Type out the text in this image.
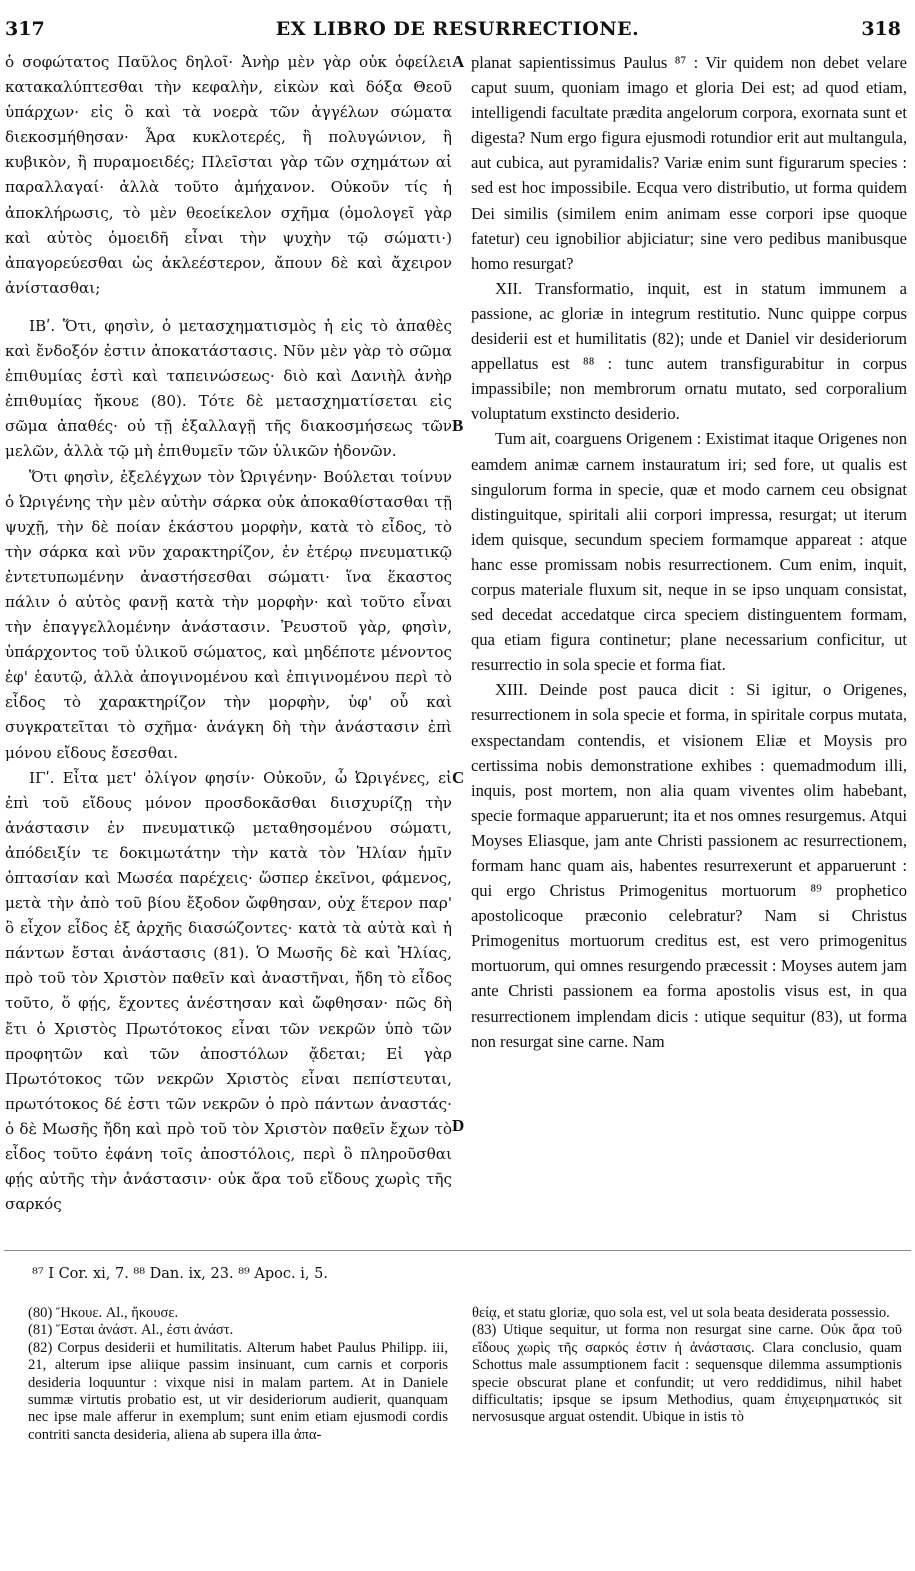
317	EX LIBRO DE RESURRECTIONE.	318

ὁ σοφώτατος Παῦλος δηλοῖ· Ἀνὴρ μὲν γὰρ οὐκ ὀφείλει κατακαλύπτεσθαι τὴν κεφαλὴν, εἰκὼν καὶ δόξα Θεοῦ ὑπάρχων· εἰς ὃ καὶ τὰ νοερὰ τῶν ἀγγέλων σώματα διεκοσμήθησαν· Ἆρα κυκλοτερές, ἢ πολυγώνιον, ἢ κυβικὸν, ἢ πυραμοειδές; Πλεῖσται γὰρ τῶν σχημάτων αἱ παραλλαγαί· ἀλλὰ τοῦτο ἀμήχανον. Οὐκοῦν τίς ἡ ἀποκλήρωσις, τὸ μὲν θεοείκελον σχῆμα (ὁμολογεῖ γὰρ καὶ αὐτὸς ὁμοειδῆ εἶναι τὴν ψυχὴν τῷ σώματι·) ἀπαγορεύεσθαι ὡς ἀκλεέστερον, ἄπουν δὲ καὶ ἄχειρον ἀνίστασθαι;

ΙΒʹ. Ὅτι, φησὶν, ὁ μετασχηματισμὸς ἡ εἰς τὸ ἀπαθὲς καὶ ἔνδοξόν ἐστιν ἀποκατάστασις. Νῦν μὲν γὰρ τὸ σῶμα ἐπιθυμίας ἐστὶ καὶ ταπεινώσεως· διὸ καὶ Δανιὴλ ἀνὴρ ἐπιθυμίας ἤκουε (80). Τότε δὲ μετασχηματίσεται εἰς σῶμα ἀπαθές· οὐ τῇ ἐξαλλαγῇ τῆς διακοσμήσεως τῶν μελῶν, ἀλλὰ τῷ μὴ ἐπιθυμεῖν τῶν ὑλικῶν ἡδονῶν.

Ὅτι φησὶν, ἐξελέγχων τὸν Ὠριγένην· Βούλεται τοίνυν ὁ Ὠριγένης τὴν μὲν αὐτὴν σάρκα οὐκ ἀποκαθίστασθαι τῇ ψυχῇ, τὴν δὲ ποίαν ἑκάστου μορφὴν, κατὰ τὸ εἶδος, τὸ τὴν σάρκα καὶ νῦν χαρακτηρίζον, ἐν ἑτέρῳ πνευματικῷ ἐντετυπωμένην ἀναστήσεσθαι σώματι· ἵνα ἕκαστος πάλιν ὁ αὐτὸς φανῇ κατὰ τὴν μορφὴν· καὶ τοῦτο εἶναι τὴν ἐπαγγελλομένην ἀνάστασιν. Ῥευστοῦ γὰρ, φησὶν, ὑπάρχοντος τοῦ ὑλικοῦ σώματος, καὶ μηδέποτε μένοντος ἐφ' ἑαυτῷ, ἀλλὰ ἀπογινομένου καὶ ἐπιγινομένου περὶ τὸ εἶδος τὸ χαρακτηρίζον τὴν μορφὴν, ὑφ' οὗ καὶ συγκρατεῖται τὸ σχῆμα· ἀνάγκη δὴ τὴν ἀνάστασιν ἐπὶ μόνου εἴδους ἔσεσθαι.

ΙΓʹ. Εἶτα μετ' ὀλίγον φησίν· Οὐκοῦν, ὦ Ὠριγένες, εἰ ἐπὶ τοῦ εἴδους μόνον προσδοκᾶσθαι διισχυρίζῃ τὴν ἀνάστασιν ἐν πνευματικῷ μεταθησομένου σώματι, ἀπόδειξίν τε δοκιμωτάτην τὴν κατὰ τὸν Ἡλίαν ἡμῖν ὀπτασίαν καὶ Μωσέα παρέχεις· ὥσπερ ἐκεῖνοι, φάμενος, μετὰ τὴν ἀπὸ τοῦ βίου ἔξοδον ὤφθησαν, οὐχ ἕτερον παρ' ὃ εἶχον εἶδος ἐξ ἀρχῆς διασώζοντες· κατὰ τὰ αὐτὰ καὶ ἡ πάντων ἔσται ἀνάστασις (81). Ὁ Μωσῆς δὲ καὶ Ἡλίας, πρὸ τοῦ τὸν Χριστὸν παθεῖν καὶ ἀναστῆναι, ἤδη τὸ εἶδος τοῦτο, ὅ φῄς, ἔχοντες ἀνέστησαν καὶ ὤφθησαν· πῶς δὴ ἔτι ὁ Χριστὸς Πρωτότοκος εἶναι τῶν νεκρῶν ὑπὸ τῶν προφητῶν καὶ τῶν ἀποστόλων ᾄδεται; Εἰ γὰρ Πρωτότοκος τῶν νεκρῶν Χριστὸς εἶναι πεπίστευται, πρωτότοκος δέ ἐστι τῶν νεκρῶν ὁ πρὸ πάντων ἀναστάς· ὁ δὲ Μωσῆς ἤδη καὶ πρὸ τοῦ τὸν Χριστὸν παθεῖν ἔχων τὸ εἶδος τοῦτο ἐφάνη τοῖς ἀποστόλοις, περὶ ὃ πληροῦσθαι φῄς αὐτῆς τὴν ἀνάστασιν· οὐκ ἄρα τοῦ εἴδους χωρὶς τῆς σαρκός

A
B
C
D

planat sapientissimus Paulus ⁸⁷ : Vir quidem non debet velare caput suum, quoniam imago et gloria Dei est; ad quod etiam, intelligendi facultate prædita angelorum corpora, exornata sunt et digesta? Num ergo figura ejusmodi rotundior erit aut multangula, aut cubica, aut pyramidalis? Variæ enim sunt figurarum species : sed est hoc impossibile. Ecqua vero distributio, ut forma quidem Dei similis (similem enim animam esse corpori ipse quoque fatetur) ceu ignobilior abjiciatur; sine vero pedibus manibusque homo resurgat?

XII. Transformatio, inquit, est in statum immunem a passione, ac gloriæ in integrum restitutio. Nunc quippe corpus desiderii est et humilitatis (82); unde et Daniel vir desideriorum appellatus est ⁸⁸ : tunc autem transfigurabitur in corpus impassibile; non membrorum ornatu mutato, sed corporalium voluptatum exstincto desiderio.

Tum ait, coarguens Origenem : Existimat itaque Origenes non eamdem animæ carnem instauratum iri; sed fore, ut qualis est singulorum forma in specie, quæ et modo carnem ceu obsignat distinguitque, spiritali alii corpori impressa, resurgat; ut iterum idem quisque, secundum speciem formamque appareat : atque hanc esse promissam nobis resurrectionem. Cum enim, inquit, corpus materiale fluxum sit, neque in se ipso unquam consistat, sed decedat accedatque circa speciem distinguentem formam, qua etiam figura continetur; plane necessarium conficitur, ut resurrectio in sola specie et forma fiat.

XIII. Deinde post pauca dicit : Si igitur, o Origenes, resurrectionem in sola specie et forma, in spiritale corpus mutata, exspectandam contendis, et visionem Eliæ et Moysis pro certissima nobis demonstratione exhibes : quemadmodum illi, inquis, post mortem, non alia quam viventes olim habebant, specie formaque apparuerunt; ita et nos omnes resurgemus. Atqui Moyses Eliasque, jam ante Christi passionem ac resurrectionem, formam hanc quam ais, habentes resurrexerunt et apparuerunt : qui ergo Christus Primogenitus mortuorum ⁸⁹ prophetico apostolicoque præconio celebratur? Nam si Christus Primogenitus mortuorum creditus est, est vero primogenitus mortuorum, qui omnes resurgendo præcessit : Moyses autem jam ante Christi passionem ea forma apostolis visus est, in qua resurrectionem implendam dicis : utique sequitur (83), ut forma non resurgat sine carne. Nam

⁸⁷ I Cor. xi, 7. ⁸⁸ Dan. ix, 23. ⁸⁹ Apoc. i, 5.

(80) Ἤκουε. Al., ἤκουσε.

(81) Ἔσται ἀνάστ. Al., ἐστι ἀνάστ.

(82) Corpus desiderii et humilitatis. Alterum habet Paulus Philipp. iii, 21, alterum ipse aliique passim insinuant, cum carnis et corporis desideria loquuntur : vixque nisi in malam partem. At in Daniele summæ virtutis probatio est, ut vir desideriorum audierit, quanquam nec ipse male afferur in exemplum; sunt enim etiam ejusmodi cordis contriti sancta desideria, aliena ab supera illa ἀπα-

θείᾳ, et statu gloriæ, quo sola est, vel ut sola beata desiderata possessio.

(83) Utique sequitur, ut forma non resurgat sine carne. Οὐκ ἄρα τοῦ εἴδους χωρὶς τῆς σαρκός ἐστιν ἡ ἀνάστασις. Clara conclusio, quam Schottus male assumptionem facit : sequensque dilemma assumptionis specie obscurat plane et confundit; ut vero reddidimus, nihil habet difficultatis; ipsque se ipsum Methodius, quam ἐπιχειρηματικός sit nervosusque arguat ostendit. Ubique in istis τὸ
